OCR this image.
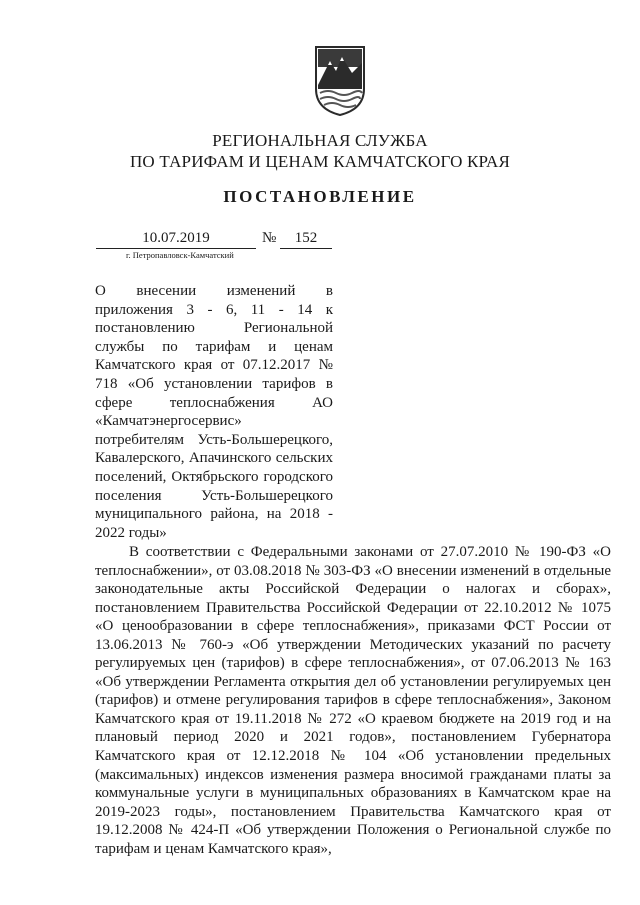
РЕГИОНАЛЬНАЯ СЛУЖБА
ПО ТАРИФАМ И ЦЕНАМ КАМЧАТСКОГО КРАЯ
ПОСТАНОВЛЕНИЕ
10.07.2019	№	152
г. Петропавловск-Камчатский
О внесении изменений в приложения 3 - 6, 11 - 14 к постановлению Региональной службы по тарифам и ценам Камчатского края от 07.12.2017 № 718 «Об установлении тарифов в сфере теплоснабжения АО «Камчатэнергосервис» потребителям Усть-Большерецкого, Кавалерского, Апачинского сельских поселений, Октябрьского городского поселения Усть-Большерецкого муниципального района, на 2018 - 2022 годы»
В соответствии с Федеральными законами от 27.07.2010 № 190-ФЗ «О теплоснабжении», от 03.08.2018 № 303-ФЗ «О внесении изменений в отдельные законодательные акты Российской Федерации о налогах и сборах», постановлением Правительства Российской Федерации от 22.10.2012 № 1075 «О ценообразовании в сфере теплоснабжения», приказами ФСТ России от 13.06.2013 № 760-э «Об утверждении Методических указаний по расчету регулируемых цен (тарифов) в сфере теплоснабжения», от 07.06.2013 № 163 «Об утверждении Регламента открытия дел об установлении регулируемых цен (тарифов) и отмене регулирования тарифов в сфере теплоснабжения», Законом Камчатского края от 19.11.2018 № 272 «О краевом бюджете на 2019 год и на плановый период 2020 и 2021 годов», постановлением Губернатора Камчатского края от 12.12.2018 № 104 «Об установлении предельных (максимальных) индексов изменения размера вносимой гражданами платы за коммунальные услуги в муниципальных образованиях в Камчатском крае на 2019-2023 годы», постановлением Правительства Камчатского края от 19.12.2008 № 424-П «Об утверждении Положения о Региональной службе по тарифам и ценам Камчатского края»,
